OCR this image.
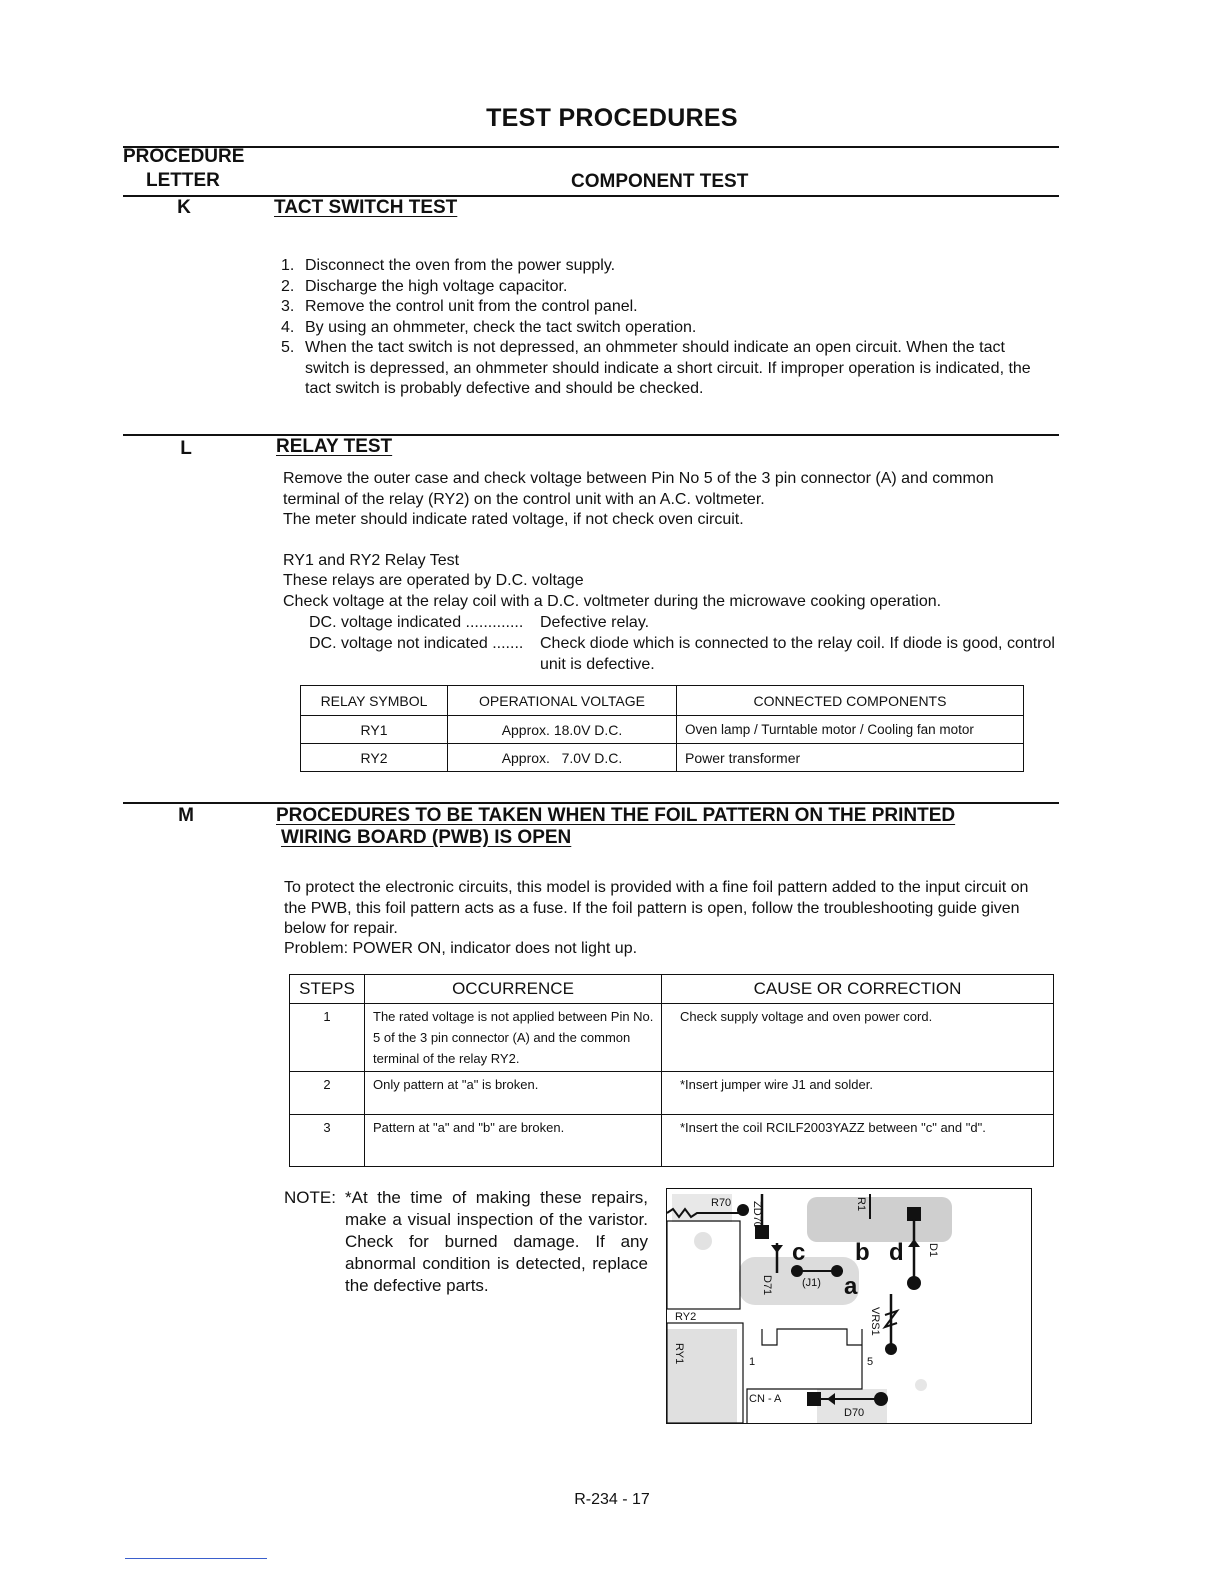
TEST PROCEDURES
PROCEDURE
LETTER	COMPONENT TEST
K	TACT SWITCH TEST
1. Disconnect the oven from the power supply.
2. Discharge the high voltage capacitor.
3. Remove the control unit from the control panel.
4. By using an ohmmeter, check the tact switch operation.
5. When the tact switch is not depressed, an ohmmeter should indicate an open circuit. When the tact switch is depressed, an ohmmeter should indicate a short circuit. If improper operation is indicated, the tact switch is probably defective and should be checked.
L	RELAY TEST
Remove the outer case and check voltage between Pin No 5 of the 3 pin connector (A) and common terminal of the relay (RY2) on the control unit with an A.C. voltmeter.
The meter should indicate rated voltage, if not check oven circuit.
RY1 and RY2 Relay Test
These relays are operated by D.C. voltage
Check voltage at the relay coil with a D.C. voltmeter during the microwave cooking operation.
DC. voltage indicated ............. Defective relay.
DC. voltage not indicated ....... Check diode which is connected to the relay coil. If diode is good, control unit is defective.
RELAY SYMBOL	OPERATIONAL VOLTAGE	CONNECTED COMPONENTS
RY1	Approx. 18.0V D.C.	Oven lamp / Turntable motor / Cooling fan motor
RY2	Approx.   7.0V D.C.	Power transformer
M	PROCEDURES TO BE TAKEN WHEN THE FOIL PATTERN ON THE PRINTED
WIRING BOARD (PWB) IS OPEN
To protect the electronic circuits, this model is provided with a fine foil pattern added to the input circuit on the PWB, this foil pattern acts as a fuse. If the foil pattern is open, follow the troubleshooting guide given below for repair.
Problem: POWER ON, indicator does not light up.
STEPS	OCCURRENCE	CAUSE OR CORRECTION
1	The rated voltage is not applied between Pin No. 5 of the 3 pin connector (A) and the common terminal of the relay RY2.	Check supply voltage and oven power cord.
2	Only pattern at "a" is broken.	*Insert jumper wire J1 and solder.
3	Pattern at "a" and "b" are broken.	*Insert the coil RCILF2003YAZZ between "c" and "d".
NOTE: *At the time of making these repairs, make a visual inspection of the varistor. Check for burned damage. If any abnormal condition is detected, replace the defective parts.
R70 ZD70	R1
D1
c b d
a
(J1)
D71
VRS1
RY2
RY1	1	5
CN - A
D70
R-234 - 17
